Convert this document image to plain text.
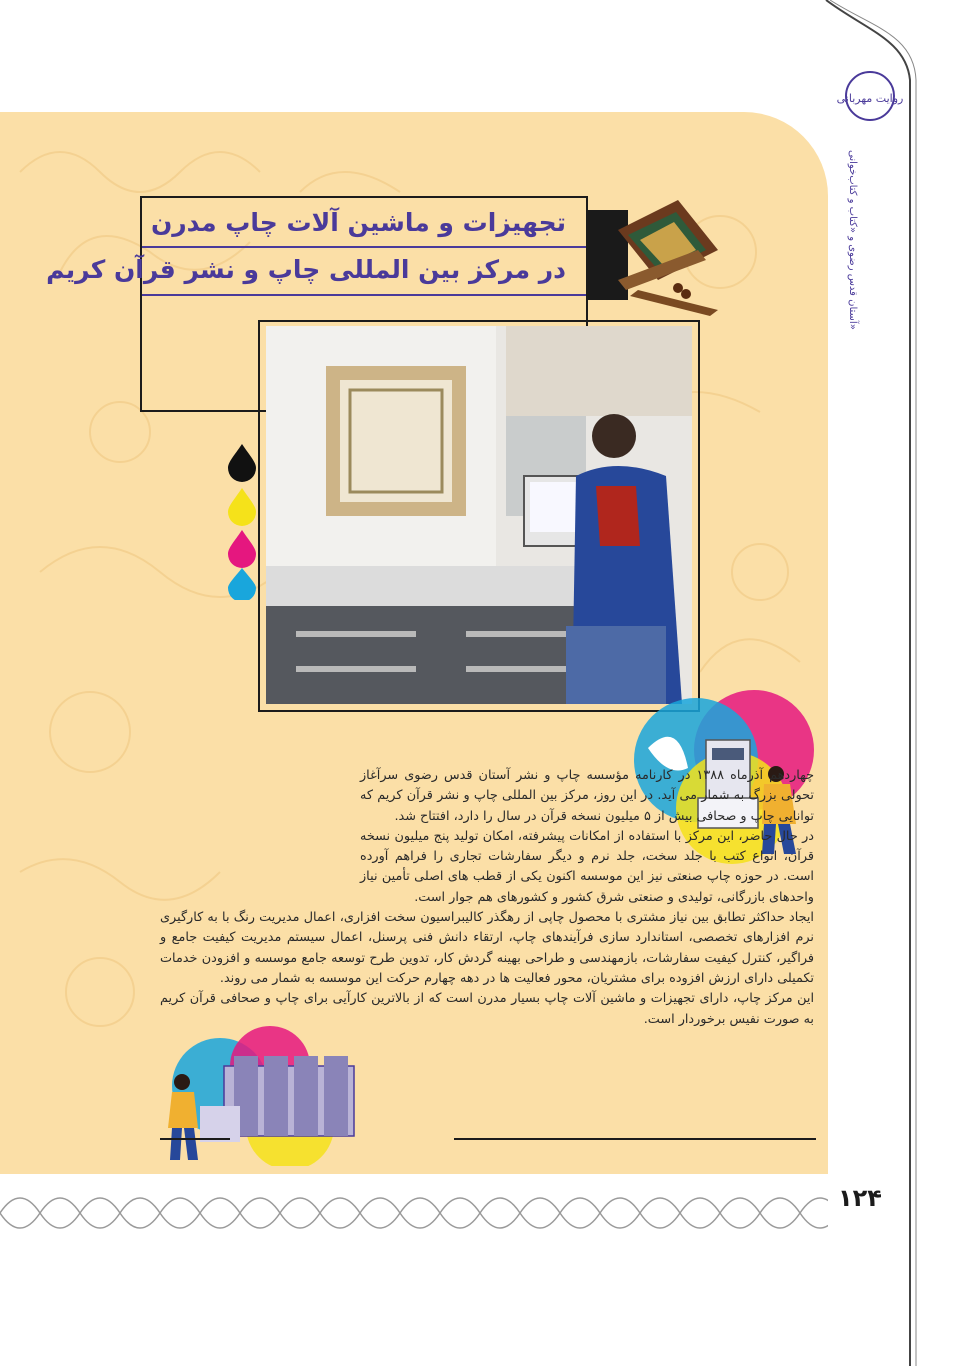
روایت مهربانی
آستان قدس رضوی و «کتاب و کتاب‌خوانی»
تجهیزات و ماشین آلات چاپ مدرن
در مرکز بین المللی چاپ و نشر قرآن کریم

چهاردهم آذرماه ۱۳۸۸ در کارنامه مؤسسه چاپ و نشر آستان قدس رضوی سرآغاز تحولی بزرگ به شمار می آید. در این روز، مرکز بین المللی چاپ و نشر قرآن کریم که توانایی چاپ و صحافی بیش از ۵ میلیون نسخه قرآن در سال را دارد، افتتاح شد.

در حال حاضر، این مرکز با استفاده از امکانات پیشرفته، امکان تولید پنج میلیون نسخه قرآن، انواع کتب با جلد سخت، جلد نرم و دیگر سفارشات تجاری را فراهم آورده است. در حوزه چاپ صنعتی نیز این موسسه اکنون یکی از قطب های اصلی تأمین نیاز واحدهای بازرگانی، تولیدی و صنعتی شرق کشور و کشورهای هم جوار است.

ایجاد حداکثر تطابق بین نیاز مشتری با محصول چاپی از رهگذر کالیبراسیون سخت افزاری، اعمال مدیریت رنگ با به کارگیری نرم افزارهای تخصصی، استاندارد سازی فرآیندهای چاپ، ارتقاء دانش فنی پرسنل، اعمال سیستم مدیریت کیفیت جامع و فراگیر، کنترل کیفیت سفارشات، بازمهندسی و طراحی بهینه گردش کار، تدوین طرح توسعه جامع موسسه و افزودن خدمات تکمیلی دارای ارزش افزوده برای مشتریان، محور فعالیت ها در دهه چهارم حرکت این موسسه به شمار می روند.

این مرکز چاپ، دارای تجهیزات و ماشین آلات چاپ بسیار مدرن است که از بالاترین کارآیی برای چاپ و صحافی قرآن کریم به صورت نفیس برخوردار است.

۱۲۴
